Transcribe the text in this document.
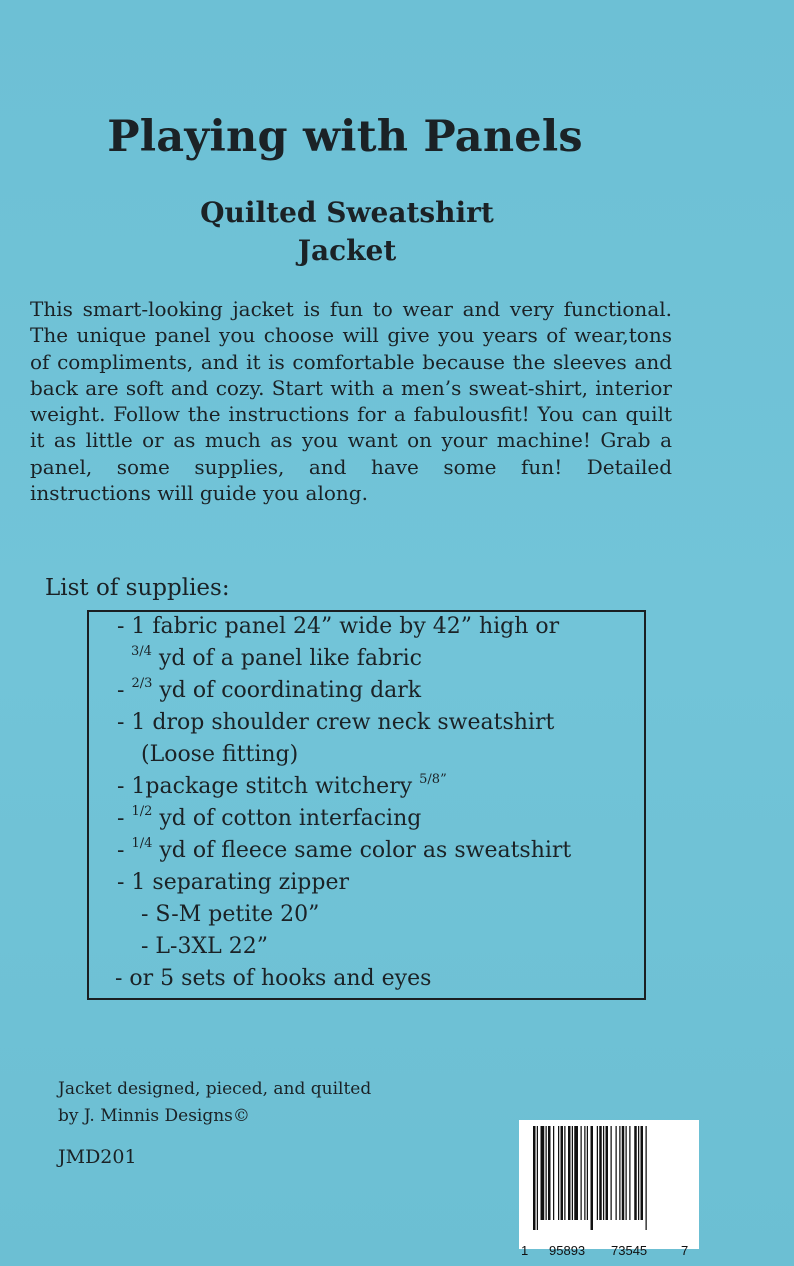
Playing with Panels
Quilted Sweatshirt
Jacket

This smart-looking jacket is fun to wear and very functional. The unique panel you choose will give you years of wear,tons of compliments, and it is comfortable because the sleeves and back are soft and cozy. Start with a men’s sweat-shirt, interior weight. Follow the instructions for a fabulousfit! You can quilt it as little or as much as you want on your machine! Grab a panel, some supplies, and have some fun! Detailed instructions will guide you along.

List of supplies:
- 1 fabric panel 24” wide by 42” high or
$^{3/4}$ yd of a panel like fabric
- $^{2/3}$ yd of coordinating dark
- 1 drop shoulder crew neck sweatshirt
(Loose fitting)
- 1package stitch witchery $^{5/8”}$
- $^{1/2}$ yd of cotton interfacing
- $^{1/4}$ yd of fleece same color as sweatshirt
- 1 separating zipper
- S-M petite 20”
- L-3XL 22”
- or 5 sets of hooks and eyes
Jacket designed, pieced, and quilted
by J. Minnis Designs©
JMD201
1 95893 73545	7
